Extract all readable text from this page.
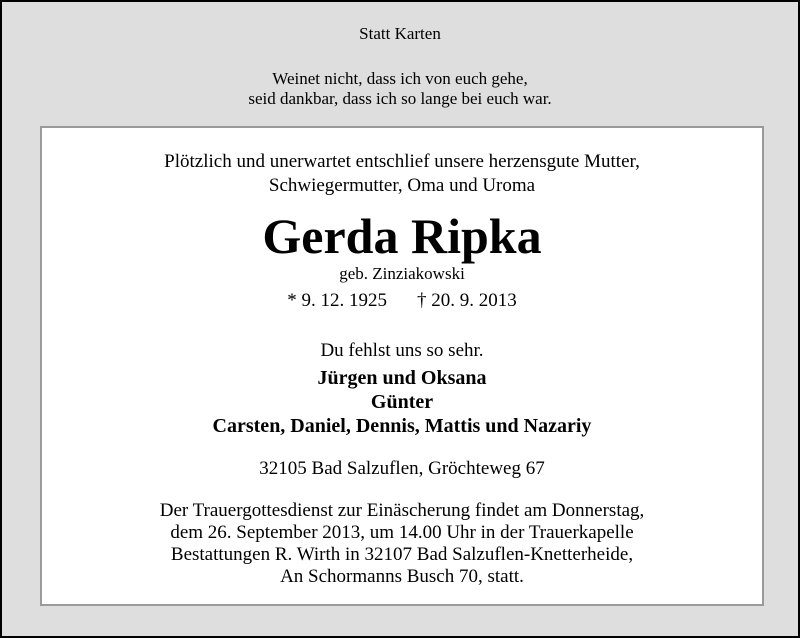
Statt Karten
Weinet nicht, dass ich von euch gehe,
seid dankbar, dass ich so lange bei euch war.
Plötzlich und unerwartet entschlief unsere herzensgute Mutter,
Schwiegermutter, Oma und Uroma
Gerda Ripka
geb. Zinziakowski
* 9. 12. 1925 † 20. 9. 2013
Du fehlst uns so sehr.
Jürgen und Oksana
Günter
Carsten, Daniel, Dennis, Mattis und Nazariy
32105 Bad Salzuflen, Gröchteweg 67
Der Trauergottesdienst zur Einäscherung findet am Donnerstag,
dem 26. September 2013, um 14.00 Uhr in der Trauerkapelle
Bestattungen R. Wirth in 32107 Bad Salzuflen-Knetterheide,
An Schormanns Busch 70, statt.
